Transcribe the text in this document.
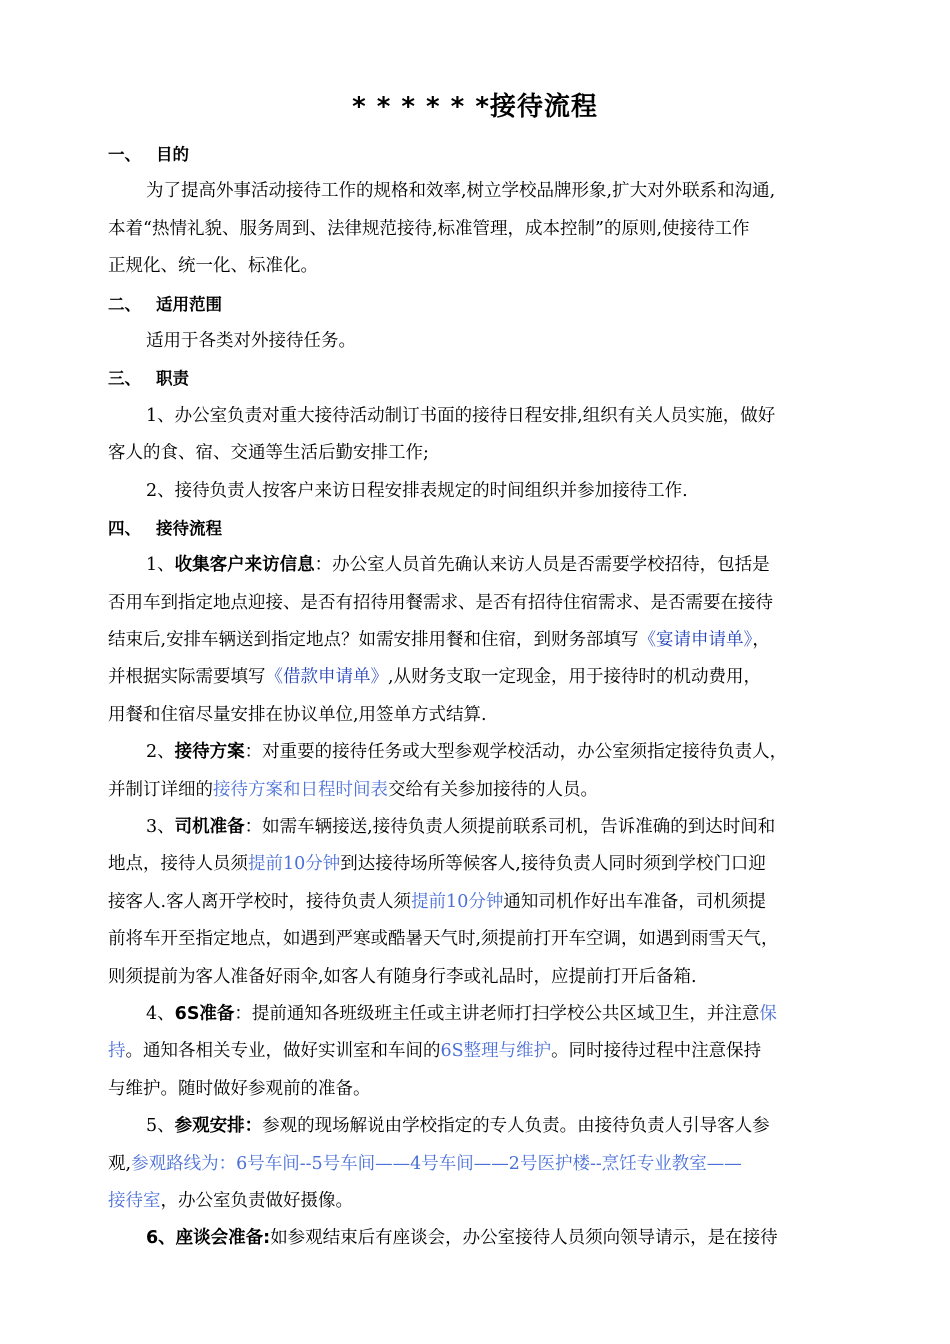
* * * * * *接待流程
一、 目的
为了提高外事活动接待工作的规格和效率,树立学校品牌形象,扩大对外联系和沟通,
本着“热情礼貌、服务周到、法律规范接待,标准管理，成本控制”的原则,使接待工作
正规化、统一化、标准化。
二、 适用范围
适用于各类对外接待任务。
三、 职责
1、办公室负责对重大接待活动制订书面的接待日程安排,组织有关人员实施，做好
客人的食、宿、交通等生活后勤安排工作;
2、接待负责人按客户来访日程安排表规定的时间组织并参加接待工作.
四、 接待流程
1、收集客户来访信息：办公室人员首先确认来访人员是否需要学校招待，包括是
否用车到指定地点迎接、是否有招待用餐需求、是否有招待住宿需求、是否需要在接待
结束后,安排车辆送到指定地点？如需安排用餐和住宿，到财务部填写《宴请申请单》，
并根据实际需要填写《借款申请单》,从财务支取一定现金，用于接待时的机动费用，
用餐和住宿尽量安排在协议单位,用签单方式结算.
2、接待方案：对重要的接待任务或大型参观学校活动，办公室须指定接待负责人，
并制订详细的接待方案和日程时间表交给有关参加接待的人员。
3、司机准备：如需车辆接送,接待负责人须提前联系司机，告诉准确的到达时间和
地点，接待人员须提前10分钟到达接待场所等候客人,接待负责人同时须到学校门口迎
接客人.客人离开学校时，接待负责人须提前10分钟通知司机作好出车准备，司机须提
前将车开至指定地点，如遇到严寒或酷暑天气时,须提前打开车空调，如遇到雨雪天气，
则须提前为客人准备好雨伞,如客人有随身行李或礼品时，应提前打开后备箱.
4、6S准备：提前通知各班级班主任或主讲老师打扫学校公共区域卫生，并注意保
持。通知各相关专业，做好实训室和车间的6S整理与维护。同时接待过程中注意保持
与维护。随时做好参观前的准备。
5、参观安排：参观的现场解说由学校指定的专人负责。由接待负责人引导客人参
观,参观路线为：6号车间--5号车间——4号车间——2号医护楼--烹饪专业教室——
接待室，办公室负责做好摄像。
6、座谈会准备:如参观结束后有座谈会，办公室接待人员须向领导请示，是在接待
